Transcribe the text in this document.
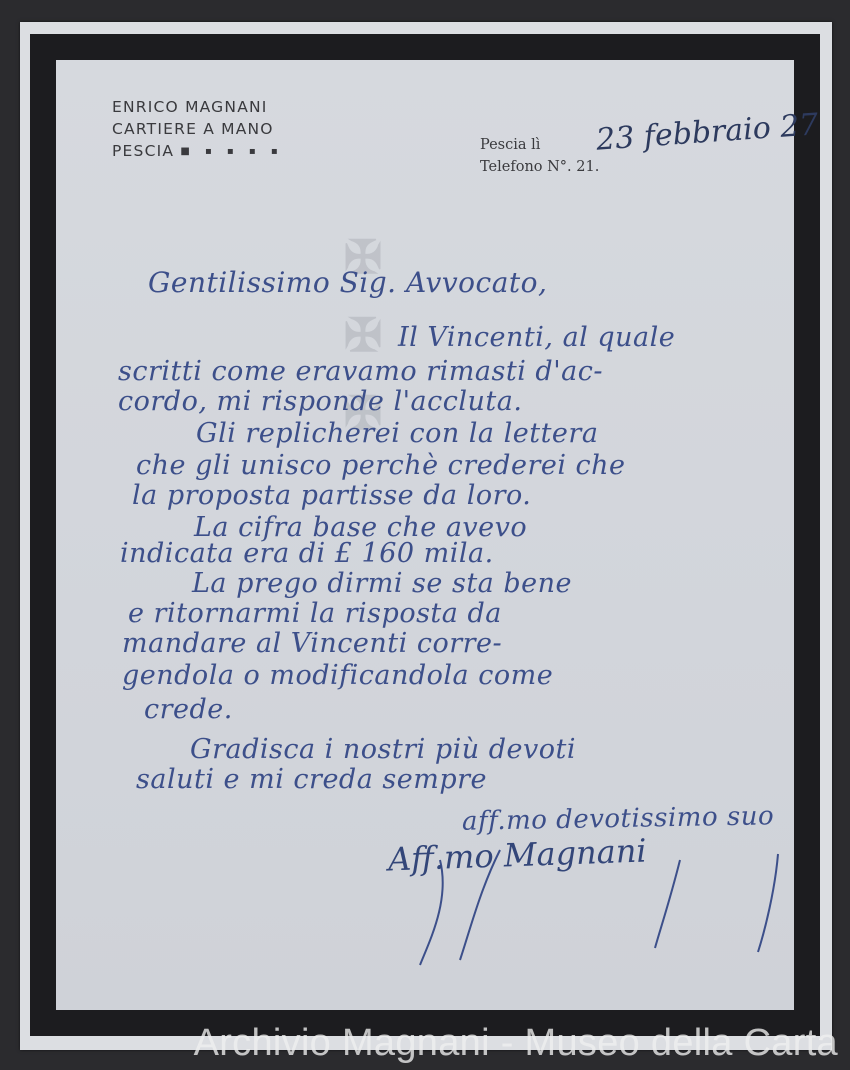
✠ ✠ ✠
ENRICO MAGNANI
CARTIERE A MANO
PESCIA ■ ▪ ▪ ▪ ▪	Pescia lì
Telefono N°. 21.
23 febbraio 27
Gentilissimo Sig. Avvocato,
Il Vincenti, al quale
scritti come eravamo rimasti d'ac-
cordo, mi risponde l'accluta.
Gli replicherei con la lettera
che gli unisco perchè crederei che
la proposta partisse da loro.
La cifra base che avevo
indicata era di £ 160 mila.
La prego dirmi se sta bene
e ritornarmi la risposta da
mandare al Vincenti corre-
gendola o modificandola come
crede.
Gradisca i nostri più devoti
saluti e mi creda sempre
aff.mo devotissimo suo
Aff.mo Magnani
Archivio Magnani - Museo della Carta
